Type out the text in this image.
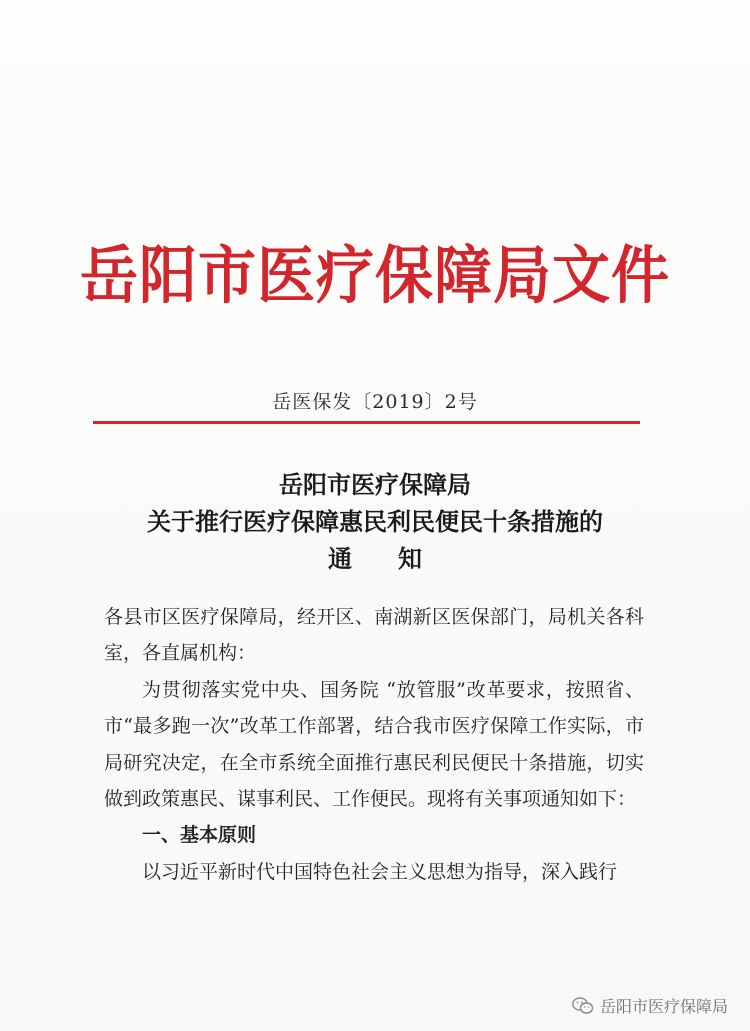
岳阳市医疗保障局文件
岳医保发〔2019〕2号
岳阳市医疗保障局
关于推行医疗保障惠民利民便民十条措施的
通知

各县市区医疗保障局，经开区、南湖新区医保部门，局机关各科室，各直属机构：

为贯彻落实党中央、国务院 “放管服”改革要求，按照省、市“最多跑一次”改革工作部署，结合我市医疗保障工作实际，市局研究决定，在全市系统全面推行惠民利民便民十条措施，切实做到政策惠民、谋事利民、工作便民。现将有关事项通知如下：

一、基本原则

以习近平新时代中国特色社会主义思想为指导，深入践行

岳阳市医疗保障局
